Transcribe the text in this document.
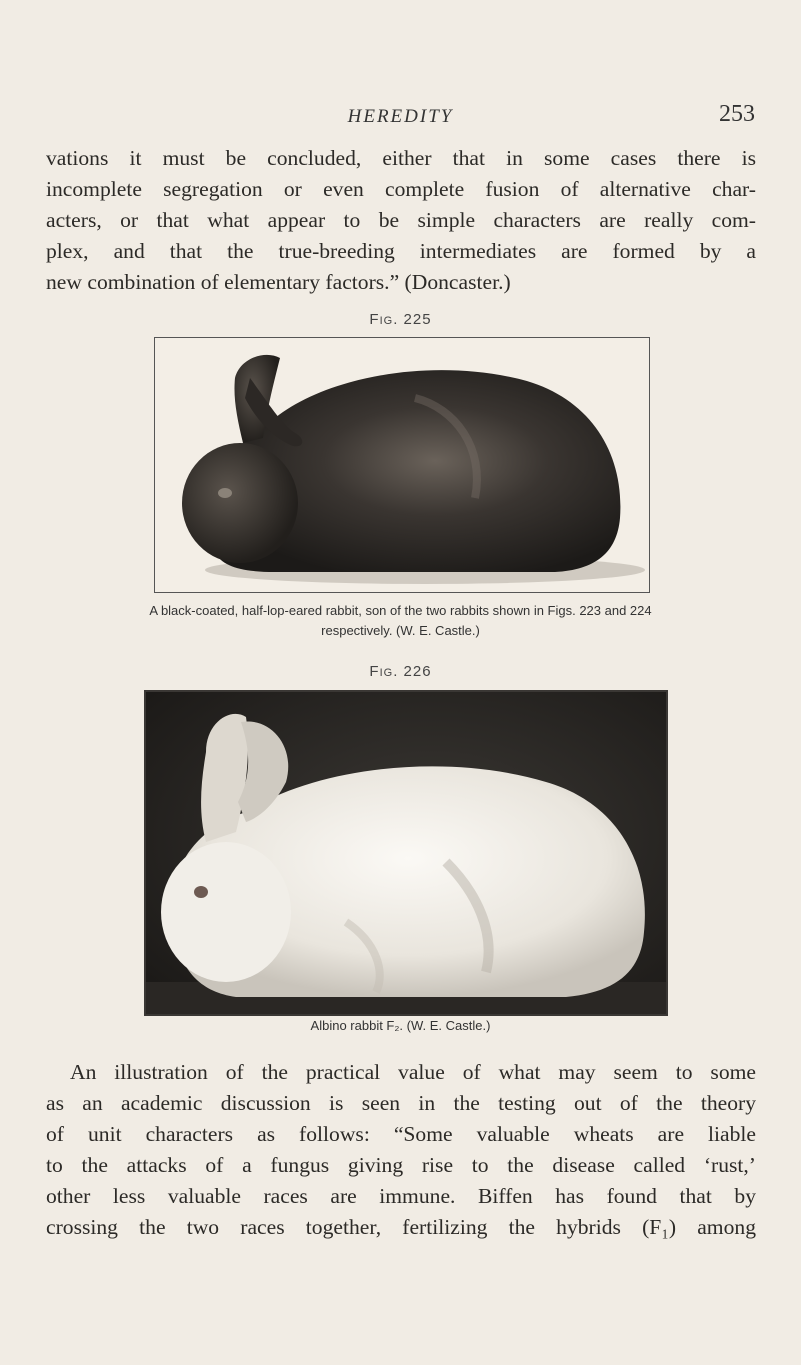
HEREDITY	253
vations it must be concluded, either that in some cases there is
incomplete segregation or even complete fusion of alternative char-
acters, or that what appear to be simple characters are really com-
plex, and that the true-breeding intermediates are formed by a
new combination of elementary factors.” (Doncaster.)
Fig. 225
A black-coated, half-lop-eared rabbit, son of the two rabbits shown in Figs. 223 and 224
respectively. (W. E. Castle.)
Fig. 226
Albino rabbit F₂. (W. E. Castle.)
An illustration of the practical value of what may seem to some
as an academic discussion is seen in the testing out of the theory
of unit characters as follows: “Some valuable wheats are liable
to the attacks of a fungus giving rise to the disease called ‘rust,’
other less valuable races are immune. Biffen has found that by
crossing the two races together, fertilizing the hybrids (F₁) among
